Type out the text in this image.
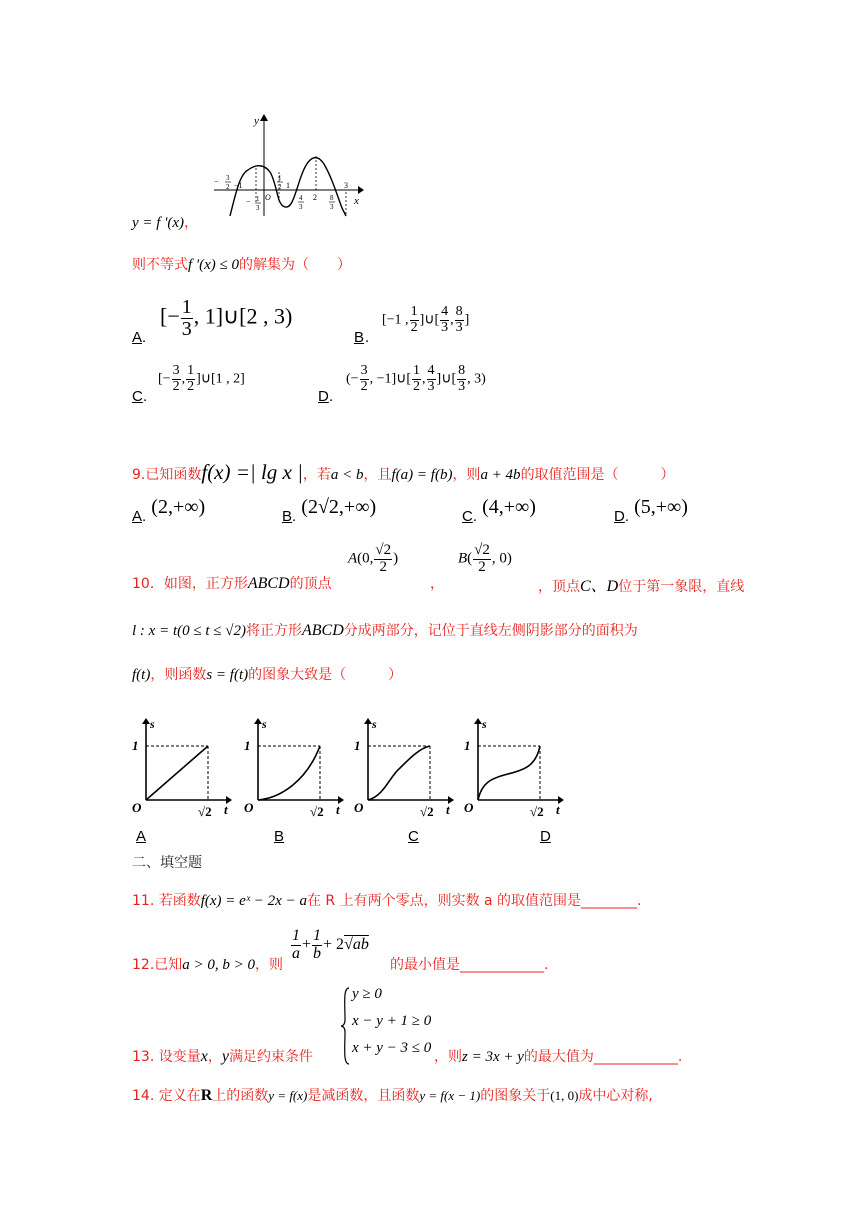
y
x
− 3
2 −1
− 1
3
1
2
O
1
4
3
2 8
3
3
y = f '(x)，
则不等式f '(x) ≤ 0的解集为（　　）
A .
[− $\frac{1}{3}$ , 1]∪[2 , 3)
B .
[−1 , $\frac{1}{2}$ ]∪[ $\frac{4}{3}$ , $\frac{8}{3}$ ]
C .
[− $\frac{3}{2}$ , $\frac{1}{2}$ ]∪[1 , 2]
D .
(− $\frac{3}{2}$ , −1]∪[ $\frac{1}{2}$ , $\frac{4}{3}$ ]∪[ $\frac{8}{3}$ , 3)
9.已知函数f(x) =| lg x |，若a < b，且f(a) = f(b)，则a + 4b的取值范围是（　　　）
A. (2,+∞)	B. (2√2,+∞)	C. (4,+∞)	D. (5,+∞)
10．如图，正方形ABCD的顶点
A(0, $\frac{√2}{2}$ )
，
$B( \frac{√2}{2}$ , 0)
，顶点C、D位于第一象限，直线
l : x = t(0 ≤ t ≤ √2)将正方形ABCD分成两部分，记位于直线左侧阴影部分的面积为
f(t)，则函数s = f(t)的图象大致是（　　　）
s
1
O	√2 t
s
1
O	√2 t
s
1
O	√2 t
s
1
O	√2 t
A	B	C	D
二、填空题
11. 若函数f(x) = eˣ − 2x − a在 R 上有两个零点，则实数 a 的取值范围是________.
12.已知a > 0, b > 0，则
$\frac{1}{a} + \frac{1}{b} + 2√ab$
的最小值是____________.
y ≥ 0
x − y + 1 ≥ 0
x + y − 3 ≤ 0
13. 设变量x，y满足约束条件	，则z = 3x + y的最大值为____________.
14. 定义在R上的函数y = f(x)是减函数，且函数y = f(x − 1)的图象关于(1, 0)成中心对称,
